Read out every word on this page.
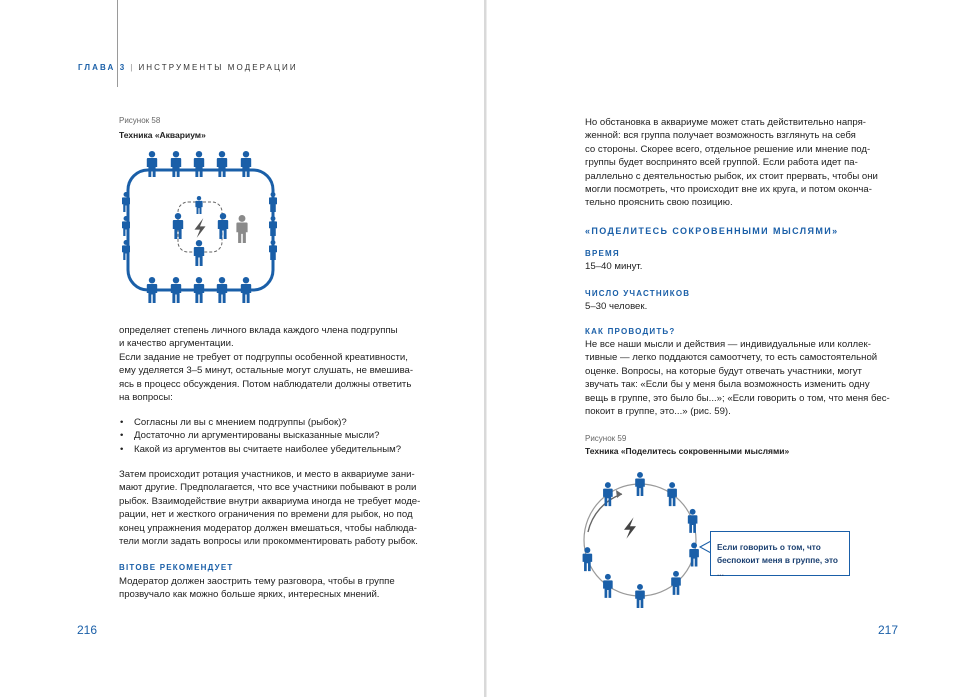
ГЛАВА 3 | ИНСТРУМЕНТЫ МОДЕРАЦИИ
Рисунок 58
Техника «Аквариум»

определяет степень личного вклада каждого члена подгруппы

и качество аргументации.

Если задание не требует от подгруппы особенной креативности,

ему уделяется 3–5 минут, остальные могут слушать, не вмешива-

ясь в процесс обсуждения. Потом наблюдатели должны ответить

на вопросы:

• Согласны ли вы с мнением подгруппы (рыбок)?
• Достаточно ли аргументированы высказанные мысли?
• Какой из аргументов вы считаете наиболее убедительным?

Затем происходит ротация участников, и место в аквариуме зани-

мают другие. Предполагается, что все участники побывают в роли

рыбок. Взаимодействие внутри аквариума иногда не требует моде-

рации, нет и жесткого ограничения по времени для рыбок, но под

конец упражнения модератор должен вмешаться, чтобы наблюда-

тели могли задать вопросы или прокомментировать работу рыбок.

BITOBE РЕКОМЕНДУЕТ

Модератор должен заострить тему разговора, чтобы в группе

прозвучало как можно больше ярких, интересных мнений.

216

Но обстановка в аквариуме может стать действительно напря-

женной: вся группа получает возможность взглянуть на себя

со стороны. Скорее всего, отдельное решение или мнение под-

группы будет воспринято всей группой. Если работа идет па-

раллельно с деятельностью рыбок, их стоит прервать, чтобы они

могли посмотреть, что происходит вне их круга, и потом оконча-

тельно прояснить свою позицию.

«ПОДЕЛИТЕСЬ СОКРОВЕННЫМИ МЫСЛЯМИ»
ВРЕМЯ
15–40 минут.
ЧИСЛО УЧАСТНИКОВ
5–30 человек.
КАК ПРОВОДИТЬ?

Не все наши мысли и действия — индивидуальные или коллек-

тивные — легко поддаются самоотчету, то есть самостоятельной

оценке. Вопросы, на которые будут отвечать участники, могут

звучать так: «Если бы у меня была возможность изменить одну

вещь в группе, это было бы...»; «Если говорить о том, что меня бес-

покоит в группе, это...» (рис. 59).

Рисунок 59
Техника «Поделитесь сокровенными мыслями»
Если говорить о том, что
беспокоит меня в группе, это ...
217
